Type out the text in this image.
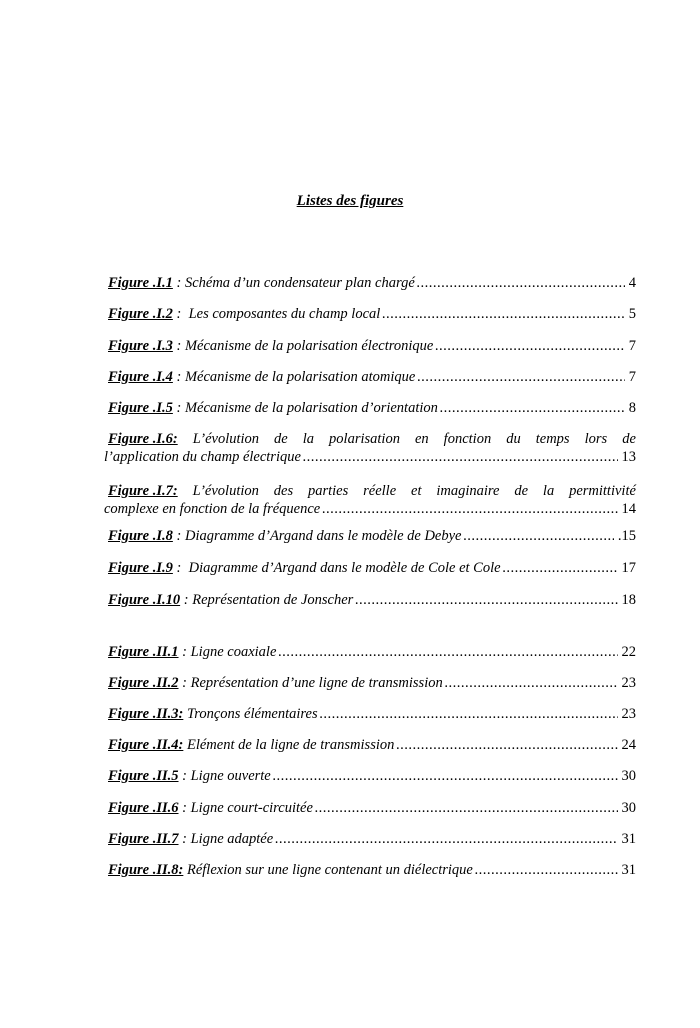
Listes des figures
Figure .I.1 : Schéma d’un condensateur plan chargé .....	4
Figure .I.2 : Les composantes du champ local .....	5
Figure .I.3 : Mécanisme de la polarisation électronique .....	7
Figure .I.4 : Mécanisme de la polarisation atomique .....	7
Figure .I.5 : Mécanisme de la polarisation d’orientation .....	8
Figure .I.6: L’évolution de la polarisation en fonction du temps lors de
l’application du champ électrique .....	13
Figure .I.7: L’évolution des parties réelle et imaginaire de la permittivité
complexe en fonction de la fréquence .....	14
Figure .I.8 : Diagramme d’Argand dans le modèle de Debye .....	.15
Figure .I.9 : Diagramme d’Argand dans le modèle de Cole et Cole .....	17
Figure .I.10 : Représentation de Jonscher .....	18
Figure .II.1 : Ligne coaxiale .....	22
Figure .II.2 : Représentation d’une ligne de transmission .....	23
Figure .II.3:
Tronçons élémentaires .....	23
Figure .II.4:
Elément de la ligne de transmission .....	24
Figure .II.5 : Ligne ouverte .....	30
Figure .II.6 : Ligne court-circuitée .....	30
Figure .II.7 : Ligne adaptée .....	31
Figure .II.8:
Réflexion sur une ligne contenant un diélectrique .....	31
